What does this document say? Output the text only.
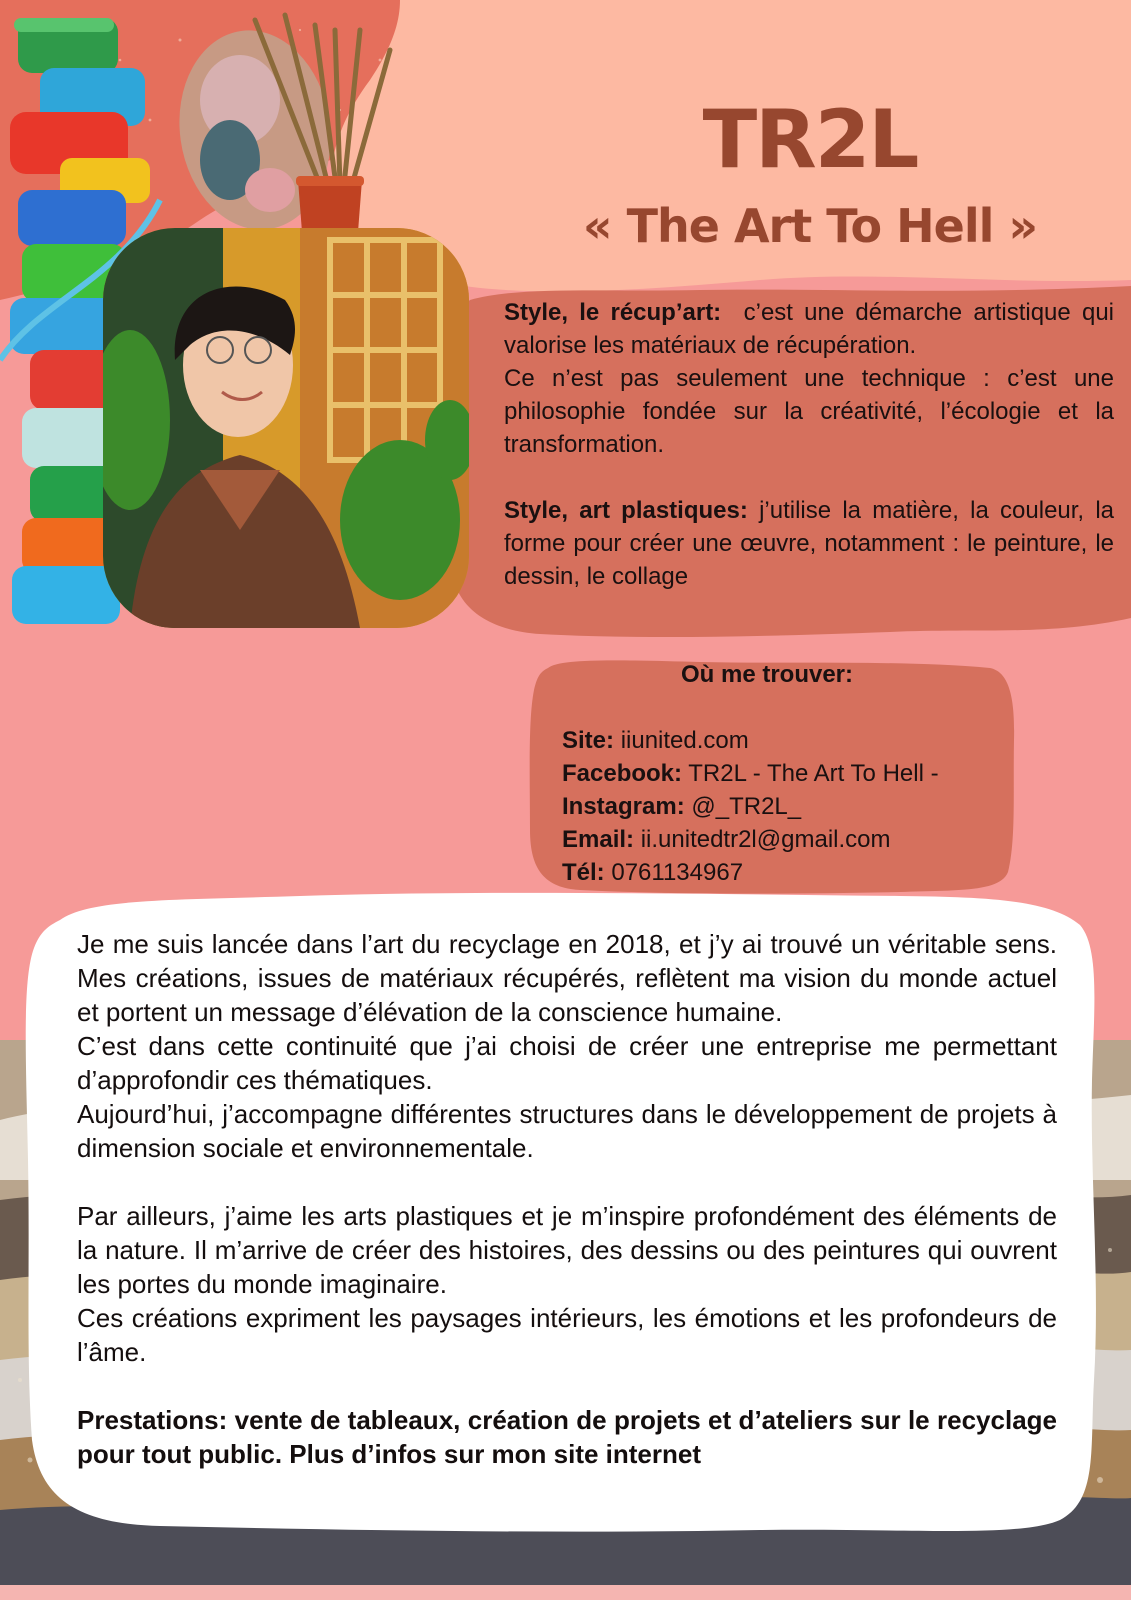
TR2L
« The Art To Hell »

Style, le récup’art: c’est une démarche artistique qui valorise les matériaux de récupération.

Ce n’est pas seulement une technique : c’est une philosophie fondée sur la créativité, l’écologie et la transformation.

Style, art plastiques: j’utilise la matière, la couleur, la forme pour créer une œuvre, notamment : le peinture, le dessin, le collage

Où me trouver:
Site: iiunited.com
Facebook: TR2L - The Art To Hell -
Instagram: @_TR2L_
Email: ii.unitedtr2l@gmail.com
Tél: 0761134967

Je me suis lancée dans l’art du recyclage en 2018, et j’y ai trouvé un véritable sens. Mes créations, issues de matériaux récupérés, reflètent ma vision du monde actuel et portent un message d’élévation de la conscience humaine.

C’est dans cette continuité que j’ai choisi de créer une entreprise me permettant d’approfondir ces thématiques.

Aujourd’hui, j’accompagne différentes structures dans le développement de projets à dimension sociale et environnementale.

Par ailleurs, j’aime les arts plastiques et je m’inspire profondément des éléments de la nature. Il m’arrive de créer des histoires, des dessins ou des peintures qui ouvrent les portes du monde imaginaire.

Ces créations expriment les paysages intérieurs, les émotions et les profondeurs de l’âme.

Prestations: vente de tableaux, création de projets et d’ateliers sur le recyclage pour tout public. Plus d’infos sur mon site internet
